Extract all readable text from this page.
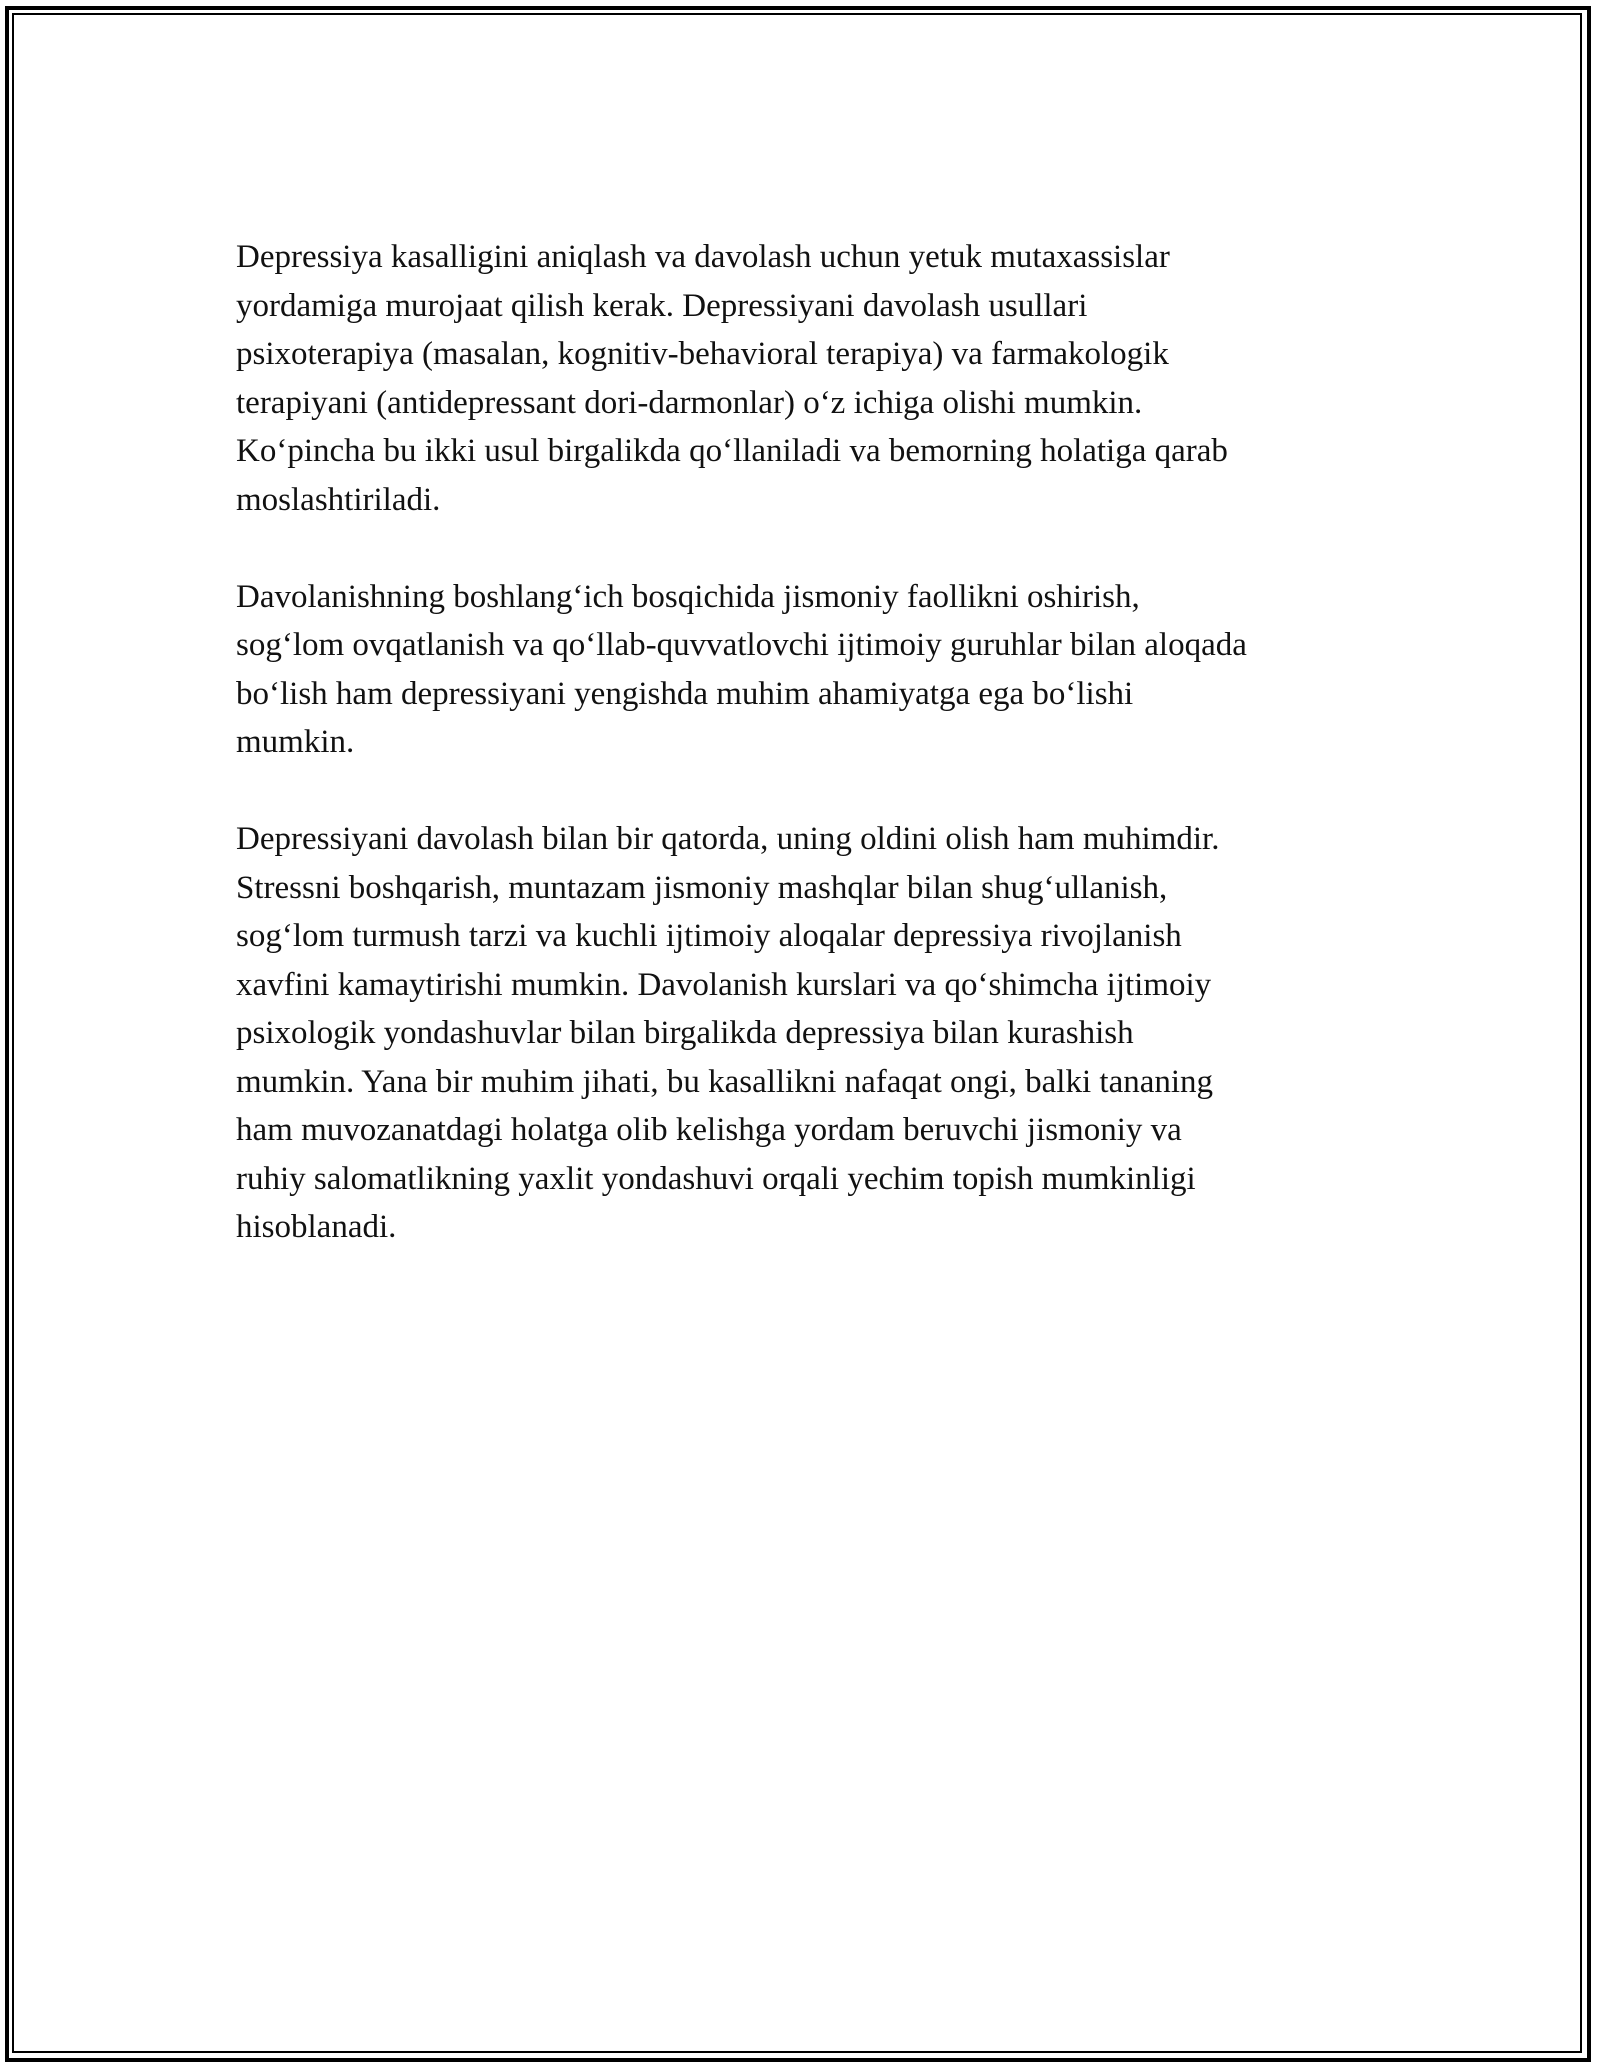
Depressiya kasalligini aniqlash va davolash uchun yetuk mutaxassislar
yordamiga murojaat qilish kerak. Depressiyani davolash usullari
psixoterapiya (masalan, kognitiv-behavioral terapiya) va farmakologik
terapiyani (antidepressant dori-darmonlar) o‘z ichiga olishi mumkin.
Ko‘pincha bu ikki usul birgalikda qo‘llaniladi va bemorning holatiga qarab
moslashtiriladi.

Davolanishning boshlang‘ich bosqichida jismoniy faollikni oshirish,
sog‘lom ovqatlanish va qo‘llab-quvvatlovchi ijtimoiy guruhlar bilan aloqada
bo‘lish ham depressiyani yengishda muhim ahamiyatga ega bo‘lishi
mumkin.

Depressiyani davolash bilan bir qatorda, uning oldini olish ham muhimdir.
Stressni boshqarish, muntazam jismoniy mashqlar bilan shug‘ullanish,
sog‘lom turmush tarzi va kuchli ijtimoiy aloqalar depressiya rivojlanish
xavfini kamaytirishi mumkin. Davolanish kurslari va qo‘shimcha ijtimoiy
psixologik yondashuvlar bilan birgalikda depressiya bilan kurashish
mumkin. Yana bir muhim jihati, bu kasallikni nafaqat ongi, balki tananing
ham muvozanatdagi holatga olib kelishga yordam beruvchi jismoniy va
ruhiy salomatlikning yaxlit yondashuvi orqali yechim topish mumkinligi
hisoblanadi.
